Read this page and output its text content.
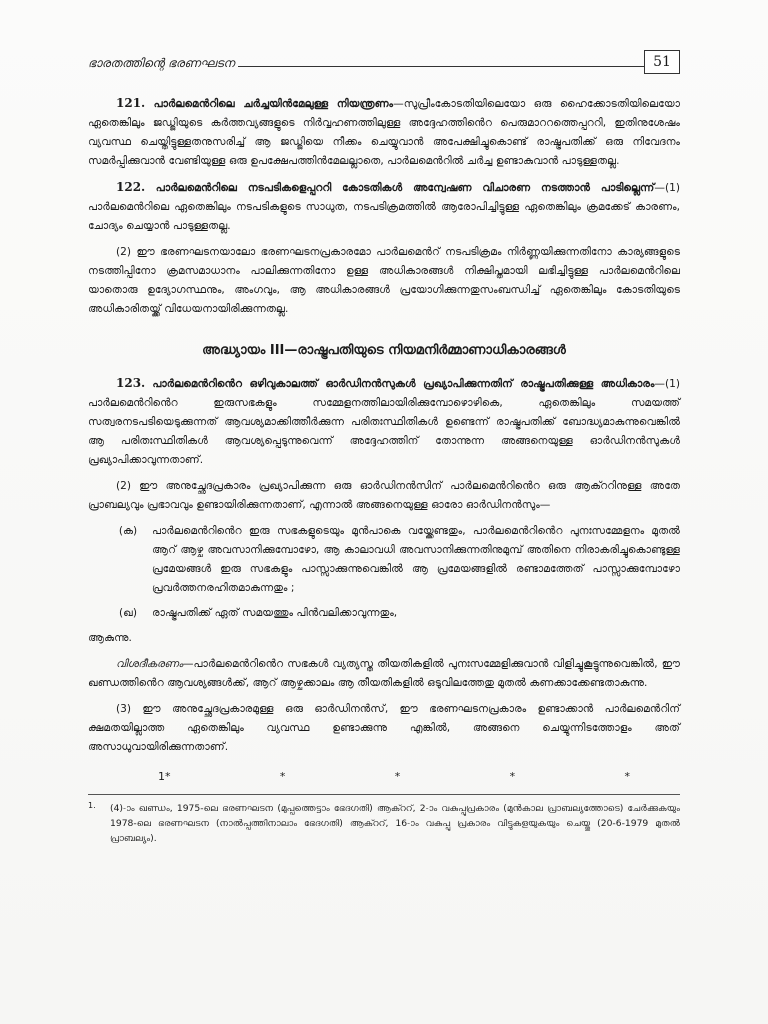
ഭാരതത്തിന്റെ ഭരണഘടന	51

121. പാർലമെൻറിലെ ചർച്ചയിൻമേലുള്ള നിയന്ത്രണം—സുപ്രീംകോടതിയിലെയോ ഒരു ഹൈക്കോടതിയിലെയോ ഏതെങ്കിലും ജഡ്ജിയുടെ കർത്തവ്യങ്ങളുടെ നിർവ്വഹണത്തിലുള്ള അദ്ദേഹത്തിൻെറ പെരുമാററത്തെപ്പററി, ഇതിനുശേഷം വ്യവസ്ഥ ചെയ്തിട്ടുള്ളതനുസരിച്ച് ആ ജഡ്ജിയെ നീക്കം ചെയ്യുവാൻ അപേക്ഷിച്ചുകൊണ്ട് രാഷ്ട്രപതിക്ക് ഒരു നിവേദനം സമർപ്പിക്കുവാൻ വേണ്ടിയുള്ള ഒരു ഉപക്ഷേപത്തിൻമേലല്ലാതെ, പാർലമെൻറിൽ ചർച്ച ഉണ്ടാകുവാൻ പാടുള്ളതല്ല.

122. പാർലമെൻറിലെ നടപടികളെപ്പററി കോടതികൾ അന്വേഷണ വിചാരണ നടത്താൻ പാടില്ലെന്ന്—(1) പാർലമെൻറിലെ ഏതെങ്കിലും നടപടികളുടെ സാധുത, നടപടിക്രമത്തിൽ ആരോപിച്ചിട്ടുള്ള ഏതെങ്കിലും ക്രമക്കേട് കാരണം, ചോദ്യം ചെയ്യാൻ പാടുള്ളതല്ല.

(2) ഈ ഭരണഘടനയാലോ ഭരണഘടനപ്രകാരമോ പാർലമെൻറ് നടപടിക്രമം നിർണ്ണയിക്കുന്നതിനോ കാര്യങ്ങളുടെ നടത്തിപ്പിനോ ക്രമസമാധാനം പാലിക്കുന്നതിനോ ഉള്ള അധികാരങ്ങൾ നിക്ഷിപ്തമായി ലഭിച്ചിട്ടുള്ള പാർലമെൻറിലെ യാതൊരു ഉദ്യോഗസ്ഥനും, അംഗവും, ആ അധികാരങ്ങൾ പ്രയോഗിക്കുന്നതുസംബന്ധിച്ച് ഏതെങ്കിലും കോടതിയുടെ അധികാരിതയ്ക്ക് വിധേയനായിരിക്കുന്നതല്ല.

അദ്ധ്യായം III—രാഷ്ട്രപതിയുടെ നിയമനിർമ്മാണാധികാരങ്ങൾ

123. പാർലമെൻറിൻെറ ഒഴിവുകാലത്ത് ഓർഡിനൻസുകൾ പ്രഖ്യാപിക്കുന്നതിന് രാഷ്ട്രപതിക്കുള്ള അധികാരം—(1) പാർലമെൻറിൻെറ ഇരുസഭകളും സമ്മേളനത്തിലായിരിക്കുമ്പോഴൊഴികെ, ഏതെങ്കിലും സമയത്ത് സത്വരനടപടിയെടുക്കുന്നത് ആവശ്യമാക്കിത്തീർക്കുന്ന പരിതഃസ്ഥിതികൾ ഉണ്ടെന്ന് രാഷ്ട്രപതിക്ക് ബോദ്ധ്യമാകുന്നുവെങ്കിൽ ആ പരിതഃസ്ഥിതികൾ ആവശ്യപ്പെടുന്നുവെന്ന് അദ്ദേഹത്തിന് തോന്നുന്ന അങ്ങനെയുള്ള ഓർഡിനൻസുകൾ പ്രഖ്യാപിക്കാവുന്നതാണ്.

(2) ഈ അനുച്ഛേദപ്രകാരം പ്രഖ്യാപിക്കുന്ന ഒരു ഓർഡിനൻസിന് പാർലമെൻറിൻെറ ഒരു ആക്ററിനുള്ള അതേ പ്രാബല്യവും പ്രഭാവവും ഉണ്ടായിരിക്കുന്നതാണ്, എന്നാൽ അങ്ങനെയുള്ള ഓരോ ഓർഡിനൻസും—

(ക)	പാർലമെൻറിൻെറ ഇരു സഭകളുടെയും മുൻപാകെ വയ്ക്കേണ്ടതും, പാർലമെൻറിൻെറ പുനഃസമ്മേളനം മുതൽ ആറ് ആഴ്ച അവസാനിക്കുമ്പോഴോ, ആ കാലാവധി അവസാനിക്കുന്നതിനുമുമ്പ് അതിനെ നിരാകരിച്ചുകൊണ്ടുള്ള പ്രമേയങ്ങൾ ഇരു സഭകളും പാസ്സാക്കുന്നുവെങ്കിൽ ആ പ്രമേയങ്ങളിൽ രണ്ടാമത്തേത് പാസ്സാക്കുമ്പോഴോ പ്രവർത്തനരഹിതമാകുന്നതും ;
(ഖ)	രാഷ്ട്രപതിക്ക് ഏത് സമയത്തും പിൻവലിക്കാവുന്നതും,

ആകുന്നു.

വിശദീകരണം—പാർലമെൻറിൻെറ സഭകൾ വ്യത്യസ്ത തീയതികളിൽ പുനഃസമ്മേളിക്കുവാൻ വിളിച്ചുകൂട്ടുന്നുവെങ്കിൽ, ഈ ഖണ്ഡത്തിൻെറ ആവശ്യങ്ങൾക്ക്, ആറ് ആഴ്ചക്കാലം ആ തീയതികളിൽ ഒടുവിലത്തേതു മുതൽ കണക്കാക്കേണ്ടതാകുന്നു.

(3) ഈ അനുച്ഛേദപ്രകാരമുള്ള ഒരു ഓർഡിനൻസ്, ഈ ഭരണഘടനപ്രകാരം ഉണ്ടാക്കാൻ പാർലമെൻറിന് ക്ഷമതയില്ലാത്ത ഏതെങ്കിലും വ്യവസ്ഥ ഉണ്ടാക്കുന്നു എങ്കിൽ, അങ്ങനെ ചെയ്യുന്നിടത്തോളം അത് അസാധുവായിരിക്കുന്നതാണ്.

1*	*	*	*	*
1. (4)-ാം ഖണ്ഡം, 1975-ലെ ഭരണഘടന (മുപ്പത്തെട്ടാം ഭേദഗതി) ആക്ററ്, 2-ാം വകുപ്പുപ്രകാരം (മുൻകാല പ്രാബല്യത്തോടെ) ചേർക്കുകയും 1978-ലെ ഭരണഘടന (നാൽപ്പത്തിനാലാം ഭേദഗതി) ആക്ററ്, 16-ാം വകുപ്പു പ്രകാരം വിട്ടുകളയുകയും ചെയ്തു (20-6-1979 മുതൽ പ്രാബല്യം).
